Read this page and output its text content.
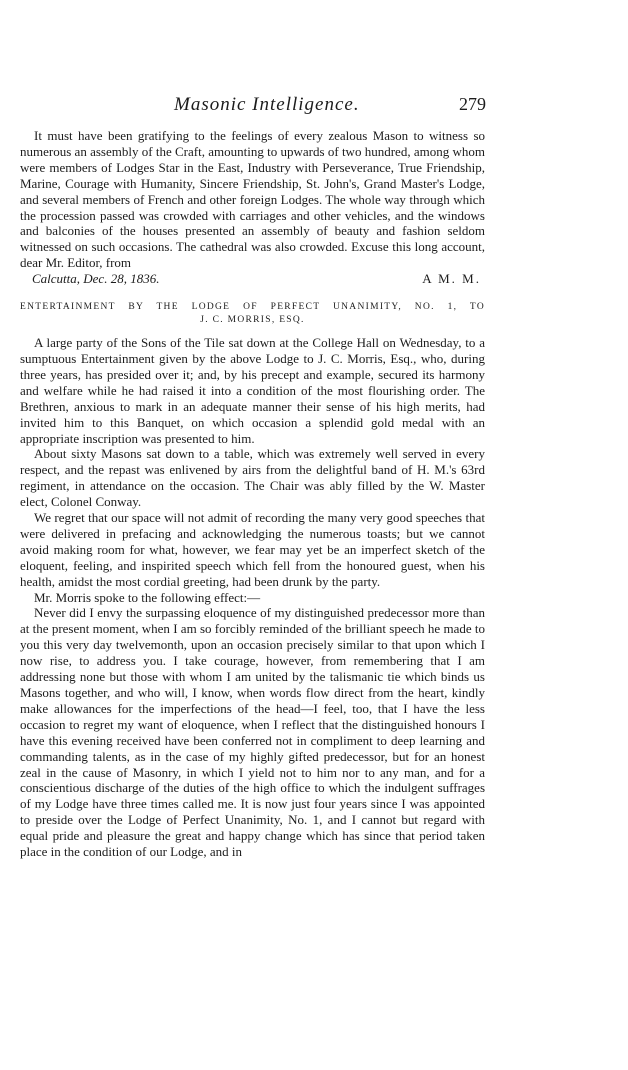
Masonic Intelligence.	279

It must have been gratifying to the feelings of every zealous Mason to witness so numerous an assembly of the Craft, amounting to upwards of two hundred, among whom were members of Lodges Star in the East, Industry with Perseverance, True Friendship, Marine, Courage with Humanity, Sincere Friendship, St. John's, Grand Master's Lodge, and several members of French and other foreign Lodges. The whole way through which the procession passed was crowded with carriages and other vehicles, and the windows and balconies of the houses presented an assembly of beauty and fashion seldom witnessed on such occasions. The cathedral was also crowded. Excuse this long account, dear Mr. Editor, from

Calcutta, Dec. 28, 1836.	A M. M.
ENTERTAINMENT BY THE LODGE OF PERFECT UNANIMITY, NO. 1, TO
J. C. MORRIS, ESQ.

A large party of the Sons of the Tile sat down at the College Hall on Wednesday, to a sumptuous Entertainment given by the above Lodge to J. C. Morris, Esq., who, during three years, has presided over it; and, by his precept and example, secured its harmony and welfare while he had raised it into a condition of the most flourishing order. The Brethren, anxious to mark in an adequate manner their sense of his high merits, had invited him to this Banquet, on which occasion a splendid gold medal with an appropriate inscription was presented to him.

About sixty Masons sat down to a table, which was extremely well served in every respect, and the repast was enlivened by airs from the delightful band of H. M.'s 63rd regiment, in attendance on the occasion. The Chair was ably filled by the W. Master elect, Colonel Conway.

We regret that our space will not admit of recording the many very good speeches that were delivered in prefacing and acknowledging the numerous toasts; but we cannot avoid making room for what, however, we fear may yet be an imperfect sketch of the eloquent, feeling, and inspirited speech which fell from the honoured guest, when his health, amidst the most cordial greeting, had been drunk by the party.

Mr. Morris spoke to the following effect:—

Never did I envy the surpassing eloquence of my distinguished predecessor more than at the present moment, when I am so forcibly reminded of the brilliant speech he made to you this very day twelvemonth, upon an occasion precisely similar to that upon which I now rise, to address you. I take courage, however, from remembering that I am addressing none but those with whom I am united by the talismanic tie which binds us Masons together, and who will, I know, when words flow direct from the heart, kindly make allowances for the imperfections of the head—I feel, too, that I have the less occasion to regret my want of eloquence, when I reflect that the distinguished honours I have this evening received have been conferred not in compliment to deep learning and commanding talents, as in the case of my highly gifted predecessor, but for an honest zeal in the cause of Masonry, in which I yield not to him nor to any man, and for a conscientious discharge of the duties of the high office to which the indulgent suffrages of my Lodge have three times called me. It is now just four years since I was appointed to preside over the Lodge of Perfect Unanimity, No. 1, and I cannot but regard with equal pride and pleasure the great and happy change which has since that period taken place in the condition of our Lodge, and in
